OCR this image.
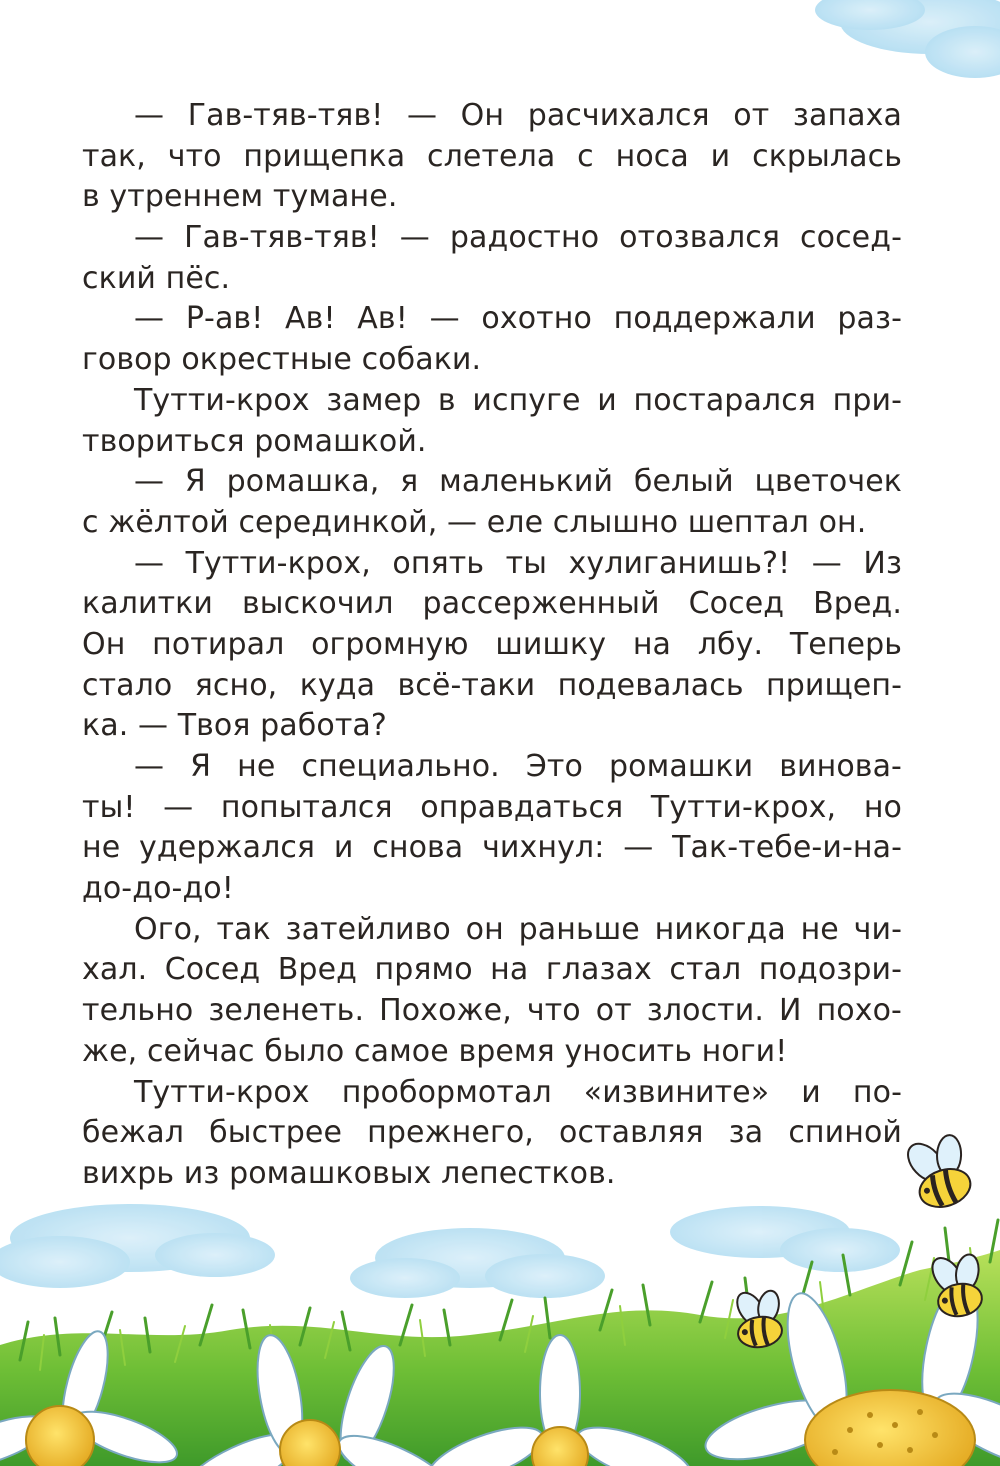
— Гав-тяв-тяв! — Он расчихался от запаха
так, что прищепка слетела с носа и скрылась
в утреннем тумане.
— Гав-тяв-тяв! — радостно отозвался сосед-
ский пёс.
— Р-ав! Ав! Ав! — охотно поддержали раз-
говор окрестные собаки.
Тутти-крох замер в испуге и постарался при-
твориться ромашкой.
— Я ромашка, я маленький белый цветочек
с жёлтой серединкой, — еле слышно шептал он.
— Тутти-крох, опять ты хулиганишь?! — Из
калитки выскочил рассерженный Сосед Вред.
Он потирал огромную шишку на лбу. Теперь
стало ясно, куда всё-таки подевалась прищеп-
ка. — Твоя работа?
— Я не специально. Это ромашки винова-
ты! — попытался оправдаться Тутти-крох, но
не удержался и снова чихнул: — Так-тебе-и-на-
до-до-до!
Ого, так затейливо он раньше никогда не чи-
хал. Сосед Вред прямо на глазах стал подозри-
тельно зеленеть. Похоже, что от злости. И похо-
же, сейчас было самое время уносить ноги!
Тутти-крох пробормотал «извините» и по-
бежал быстрее прежнего, оставляя за спиной
вихрь из ромашковых лепестков.
